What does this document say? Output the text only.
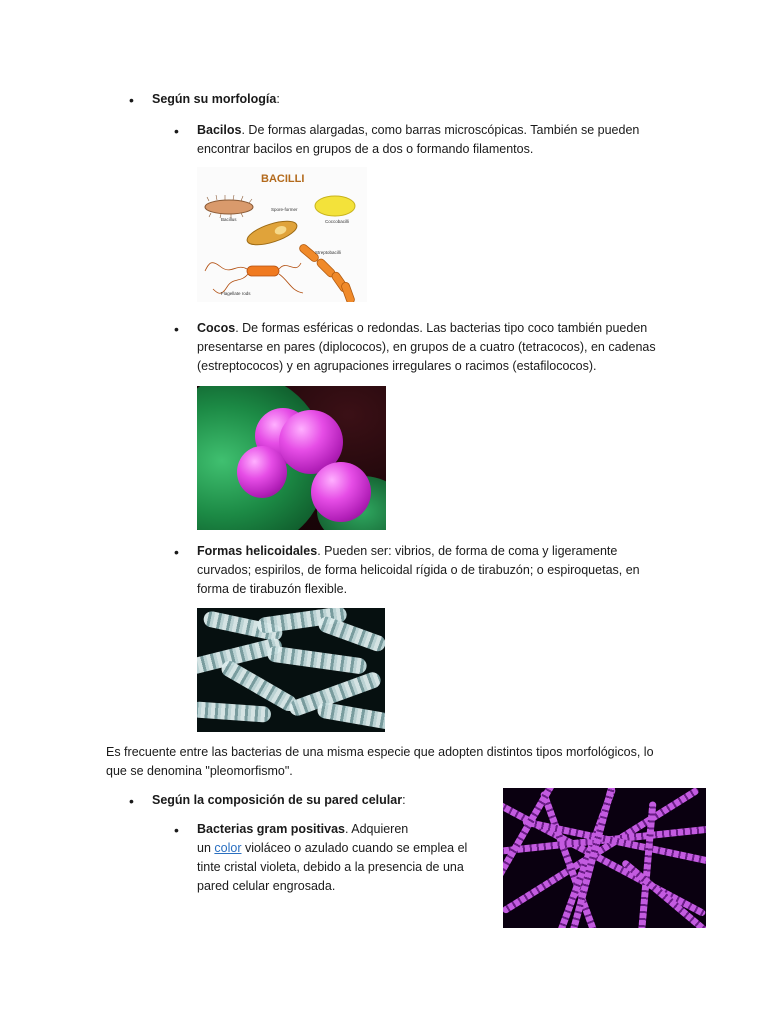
• Según su morfología:
• Bacilos. De formas alargadas, como barras microscópicas. También se pueden
encontrar bacilos en grupos de a dos o formando filamentos.
BACILLI
Bacillus
Spore-former
Coccobacilli
Streptobacilli
Flagellate rods
• Cocos. De formas esféricas o redondas. Las bacterias tipo coco también pueden
presentarse en pares (diplococos), en grupos de a cuatro (tetracocos), en cadenas
(estreptococos) y en agrupaciones irregulares o racimos (estafilococos).
• Formas helicoidales. Pueden ser: vibrios, de forma de coma y ligeramente
curvados; espirilos, de forma helicoidal rígida o de tirabuzón; o espiroquetas, en
forma de tirabuzón flexible.
Es frecuente entre las bacterias de una misma especie que adopten distintos tipos morfológicos, lo
que se denomina "pleomorfismo".
• Según la composición de su pared celular:
• Bacterias gram positivas. Adquieren
un color violáceo o azulado cuando se emplea el
tinte cristal violeta, debido a la presencia de una
pared celular engrosada.
